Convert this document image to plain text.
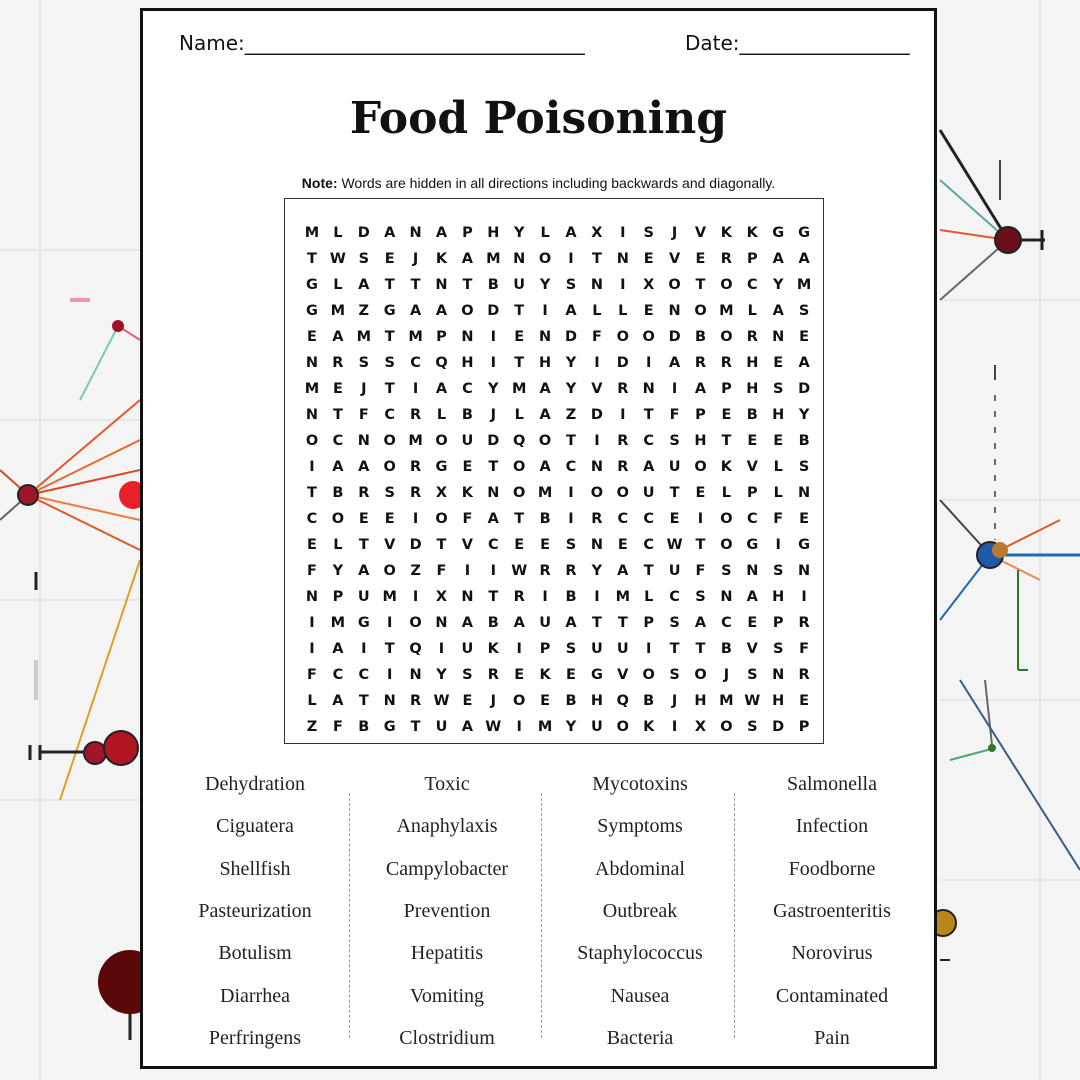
Name:__________________________________	Date:_________________
Food Poisoning
Note: Words are hidden in all directions including backwards and diagonally.
M L	D A N A	P	H	Y	L	A	X	I	S	J	V	K	K G G
T W S	E	J	K	A M N O	I	T	N	E	V	E	R	P	A	A
G	L	A	T	T	N	T	B U	Y	S	N	I	X O	T	O C	Y M
G M Z	G A	A O D	T	I	A	L	L	E	N O M L	A	S
E	A M T M P	N	I	E	N D	F	O O D B O R N	E
N R	S	S	C Q H	I	T	H	Y	I	D	I	A	R	R H	E	A
M E	J	T	I	A	C	Y M A	Y	V	R N	I	A	P	H	S	D
N	T	F	C	R	L	B	J	L	A	Z	D	I	T	F	P	E	B H	Y
O C	N O M O U D Q O	T	I	R	C	S	H	T	E	E	B
I	A	A O R G	E	T	O A	C N R	A U O K	V	L	S
T	B	R	S	R	X	K N O M	I	O O U	T	E	L	P	L	N
C O	E	E	I	O	F	A	T	B	I	R	C	C	E	I	O C	F	E
E	L	T	V D	T	V	C	E	E	S	N	E	C W T	O G	I	G
F	Y	A O Z	F	I	I	W R	R	Y	A	T	U	F	S	N	S	N
N	P	U M	I	X N	T	R	I	B	I	M L	C	S	N A H	I
I	M G	I	O N A	B	A U A	T	T	P	S	A	C	E	P	R
I	A	I	T	Q	I	U K	I	P	S	U U	I	T	T	B	V	S	F
F	C	C	I	N	Y	S	R	E	K	E	G V O	S	O	J	S	N R
L	A	T	N R W E	J	O	E	B H Q B	J	H M W H	E
Z	F	B G	T	U A W	I	M Y	U O K	I	X O	S	D	P
Dehydration
Ciguatera
Shellfish
Pasteurization
Botulism
Diarrhea
Perfringens
Toxic
Anaphylaxis
Campylobacter
Prevention
Hepatitis
Vomiting
Clostridium
Mycotoxins
Symptoms
Abdominal
Outbreak
Staphylococcus
Nausea
Bacteria
Salmonella
Infection
Foodborne
Gastroenteritis
Norovirus
Contaminated
Pain
